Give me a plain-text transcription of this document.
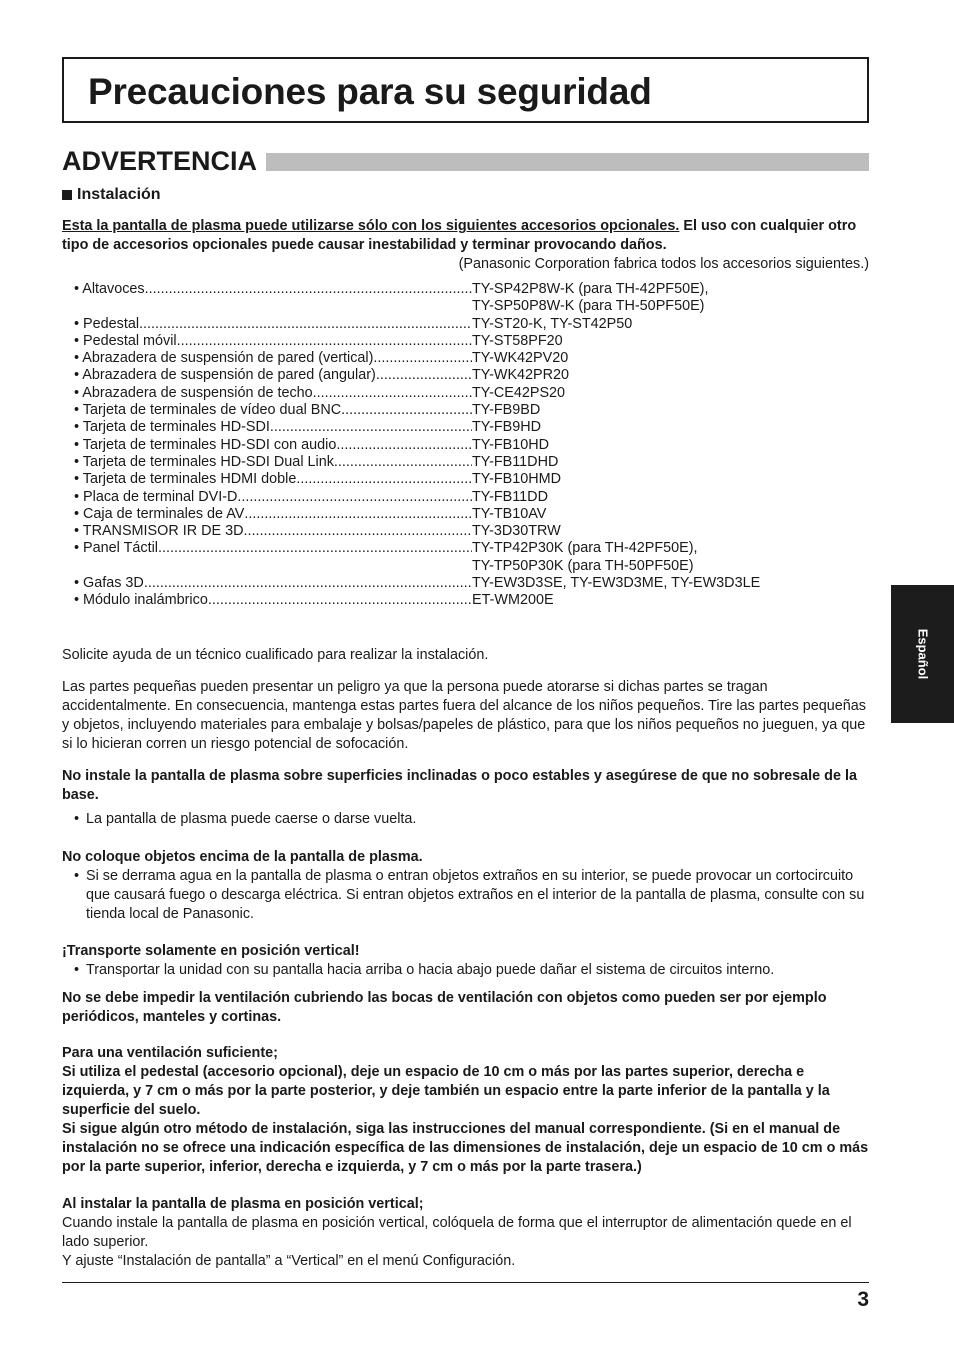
Precauciones para su seguridad
ADVERTENCIA
Instalación
Esta la pantalla de plasma puede utilizarse sólo con los siguientes accesorios opcionales. El uso con cualquier otro tipo de accesorios opcionales puede causar inestabilidad y terminar provocando daños.
(Panasonic Corporation fabrica todos los accesorios siguientes.)
• Altavoces .....	TY-SP42P8W-K (para TH-42PF50E),
TY-SP50P8W-K (para TH-50PF50E)
• Pedestal .....	TY-ST20-K, TY-ST42P50
• Pedestal móvil .....	TY-ST58PF20
• Abrazadera de suspensión de pared (vertical) .....	TY-WK42PV20
• Abrazadera de suspensión de pared (angular) .....	TY-WK42PR20
• Abrazadera de suspensión de techo .....	TY-CE42PS20
• Tarjeta de terminales de vídeo dual BNC .....	TY-FB9BD
• Tarjeta de terminales HD-SDI .....	TY-FB9HD
• Tarjeta de terminales HD-SDI con audio .....	TY-FB10HD
• Tarjeta de terminales HD-SDI Dual Link .....	TY-FB11DHD
• Tarjeta de terminales HDMI doble .....	TY-FB10HMD
• Placa de terminal DVI-D .....	TY-FB11DD
• Caja de terminales de AV .....	TY-TB10AV
• TRANSMISOR IR DE 3D .....	TY-3D30TRW
• Panel Táctil .....	TY-TP42P30K (para TH-42PF50E),
TY-TP50P30K (para TH-50PF50E)
• Gafas 3D .....	TY-EW3D3SE, TY-EW3D3ME, TY-EW3D3LE
• Módulo inalámbrico .....	ET-WM200E

Solicite ayuda de un técnico cualificado para realizar la instalación.

Las partes pequeñas pueden presentar un peligro ya que la persona puede atorarse si dichas partes se tragan accidentalmente. En consecuencia, mantenga estas partes fuera del alcance de los niños pequeños. Tire las partes pequeñas y objetos, incluyendo materiales para embalaje y bolsas/papeles de plástico, para que los niños pequeños no jueguen, ya que si lo hicieran corren un riesgo potencial de sofocación.

No instale la pantalla de plasma sobre superficies inclinadas o poco estables y asegúrese de que no sobresale de la base.

• La pantalla de plasma puede caerse o darse vuelta.

No coloque objetos encima de la pantalla de plasma.

• Si se derrama agua en la pantalla de plasma o entran objetos extraños en su interior, se puede provocar un cortocircuito que causará fuego o descarga eléctrica. Si entran objetos extraños en el interior de la pantalla de plasma, consulte con su tienda local de Panasonic.

¡Transporte solamente en posición vertical!

• Transportar la unidad con su pantalla hacia arriba o hacia abajo puede dañar el sistema de circuitos interno.

No se debe impedir la ventilación cubriendo las bocas de ventilación con objetos como pueden ser por ejemplo periódicos, manteles y cortinas.

Para una ventilación suficiente;

Si utiliza el pedestal (accesorio opcional), deje un espacio de 10 cm o más por las partes superior, derecha e izquierda, y 7 cm o más por la parte posterior, y deje también un espacio entre la parte inferior de la pantalla y la superficie del suelo.

Si sigue algún otro método de instalación, siga las instrucciones del manual correspondiente. (Si en el manual de instalación no se ofrece una indicación específica de las dimensiones de instalación, deje un espacio de 10 cm o más por la parte superior, inferior, derecha e izquierda, y 7 cm o más por la parte trasera.)

Al instalar la pantalla de plasma en posición vertical;

Cuando instale la pantalla de plasma en posición vertical, colóquela de forma que el interruptor de alimentación quede en el lado superior.

Y ajuste “Instalación de pantalla” a “Vertical” en el menú Configuración.

Español
3
